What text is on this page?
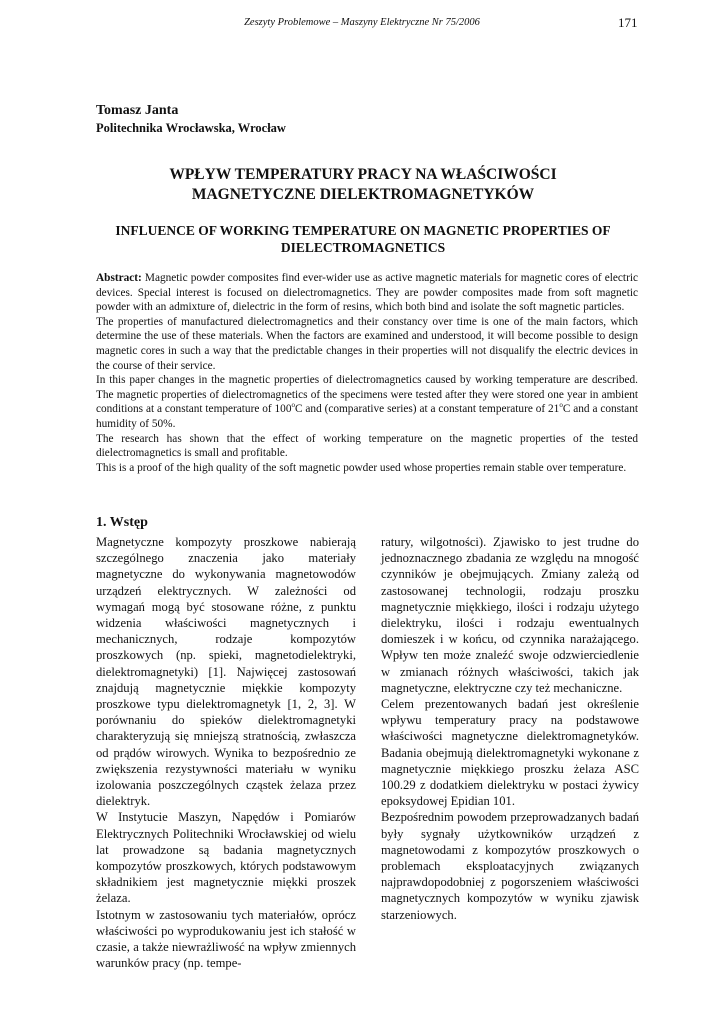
Zeszyty Problemowe – Maszyny Elektryczne Nr 75/2006	171
Tomasz Janta
Politechnika Wrocławska, Wrocław
WPŁYW TEMPERATURY PRACY NA WŁAŚCIWOŚCI
MAGNETYCZNE DIELEKTROMAGNETYKÓW
INFLUENCE OF WORKING TEMPERATURE ON MAGNETIC PROPERTIES OF
DIELECTROMAGNETICS

Abstract: Magnetic powder composites find ever-wider use as active magnetic materials for magnetic cores of electric devices. Special interest is focused on dielectromagnetics. They are powder composites made from soft magnetic powder with an admixture of, dielectric in the form of resins, which both bind and isolate the soft magnetic particles.

The properties of manufactured dielectromagnetics and their constancy over time is one of the main factors, which determine the use of these materials. When the factors are examined and understood, it will become possible to design magnetic cores in such a way that the predictable changes in their properties will not disqualify the electric devices in the course of their service.

In this paper changes in the magnetic properties of dielectromagnetics caused by working temperature are described. The magnetic properties of dielectromagnetics of the specimens were tested after they were stored one year in ambient conditions at a constant temperature of 100$^o$C and (comparative series) at a constant temperature of 21$^o$C and a constant humidity of 50%.

The research has shown that the effect of working temperature on the magnetic properties of the tested dielectromagnetics is small and profitable.

This is a proof of the high quality of the soft magnetic powder used whose properties remain stable over temperature.

1. Wstęp

Magnetyczne kompozyty proszkowe nabierają szczególnego znaczenia jako materiały magnetyczne do wykonywania magnetowodów urządzeń elektrycznych. W zależności od wymagań mogą być stosowane różne, z punktu widzenia właściwości magnetycznych i mechanicznych, rodzaje kompozytów proszkowych (np. spieki, magnetodielektryki, dielektromagnetyki) [1]. Najwięcej zastosowań znajdują magnetycznie miękkie kompozyty proszkowe typu dielektromagnetyk [1, 2, 3]. W porównaniu do spieków dielektromagnetyki charakteryzują się mniejszą stratnością, zwłaszcza od prądów wirowych. Wynika to bezpośrednio ze zwiększenia rezystywności materiału w wyniku izolowania poszczególnych cząstek żelaza przez dielektryk.

W Instytucie Maszyn, Napędów i Pomiarów Elektrycznych Politechniki Wrocławskiej od wielu lat prowadzone są badania magnetycznych kompozytów proszkowych, których podstawowym składnikiem jest magnetycznie miękki proszek żelaza.

Istotnym w zastosowaniu tych materiałów, oprócz właściwości po wyprodukowaniu jest ich stałość w czasie, a także niewrażliwość na wpływ zmiennych warunków pracy (np. tempe-

ratury, wilgotności). Zjawisko to jest trudne do jednoznacznego zbadania ze względu na mnogość czynników je obejmujących. Zmiany zależą od zastosowanej technologii, rodzaju proszku magnetycznie miękkiego, ilości i rodzaju użytego dielektryku, ilości i rodzaju ewentualnych domieszek i w końcu, od czynnika narażającego. Wpływ ten może znaleźć swoje odzwierciedlenie w zmianach różnych właściwości, takich jak magnetyczne, elektryczne czy też mechaniczne.

Celem prezentowanych badań jest określenie wpływu temperatury pracy na podstawowe właściwości magnetyczne dielektromagnetyków. Badania obejmują dielektromagnetyki wykonane z magnetycznie miękkiego proszku żelaza ASC 100.29 z dodatkiem dielektryku w postaci żywicy epoksydowej Epidian 101.

Bezpośrednim powodem przeprowadzanych badań były sygnały użytkowników urządzeń z magnetowodami z kompozytów proszkowych o problemach eksploatacyjnych związanych najprawdopodobniej z pogorszeniem właściwości magnetycznych kompozytów w wyniku zjawisk starzeniowych.
